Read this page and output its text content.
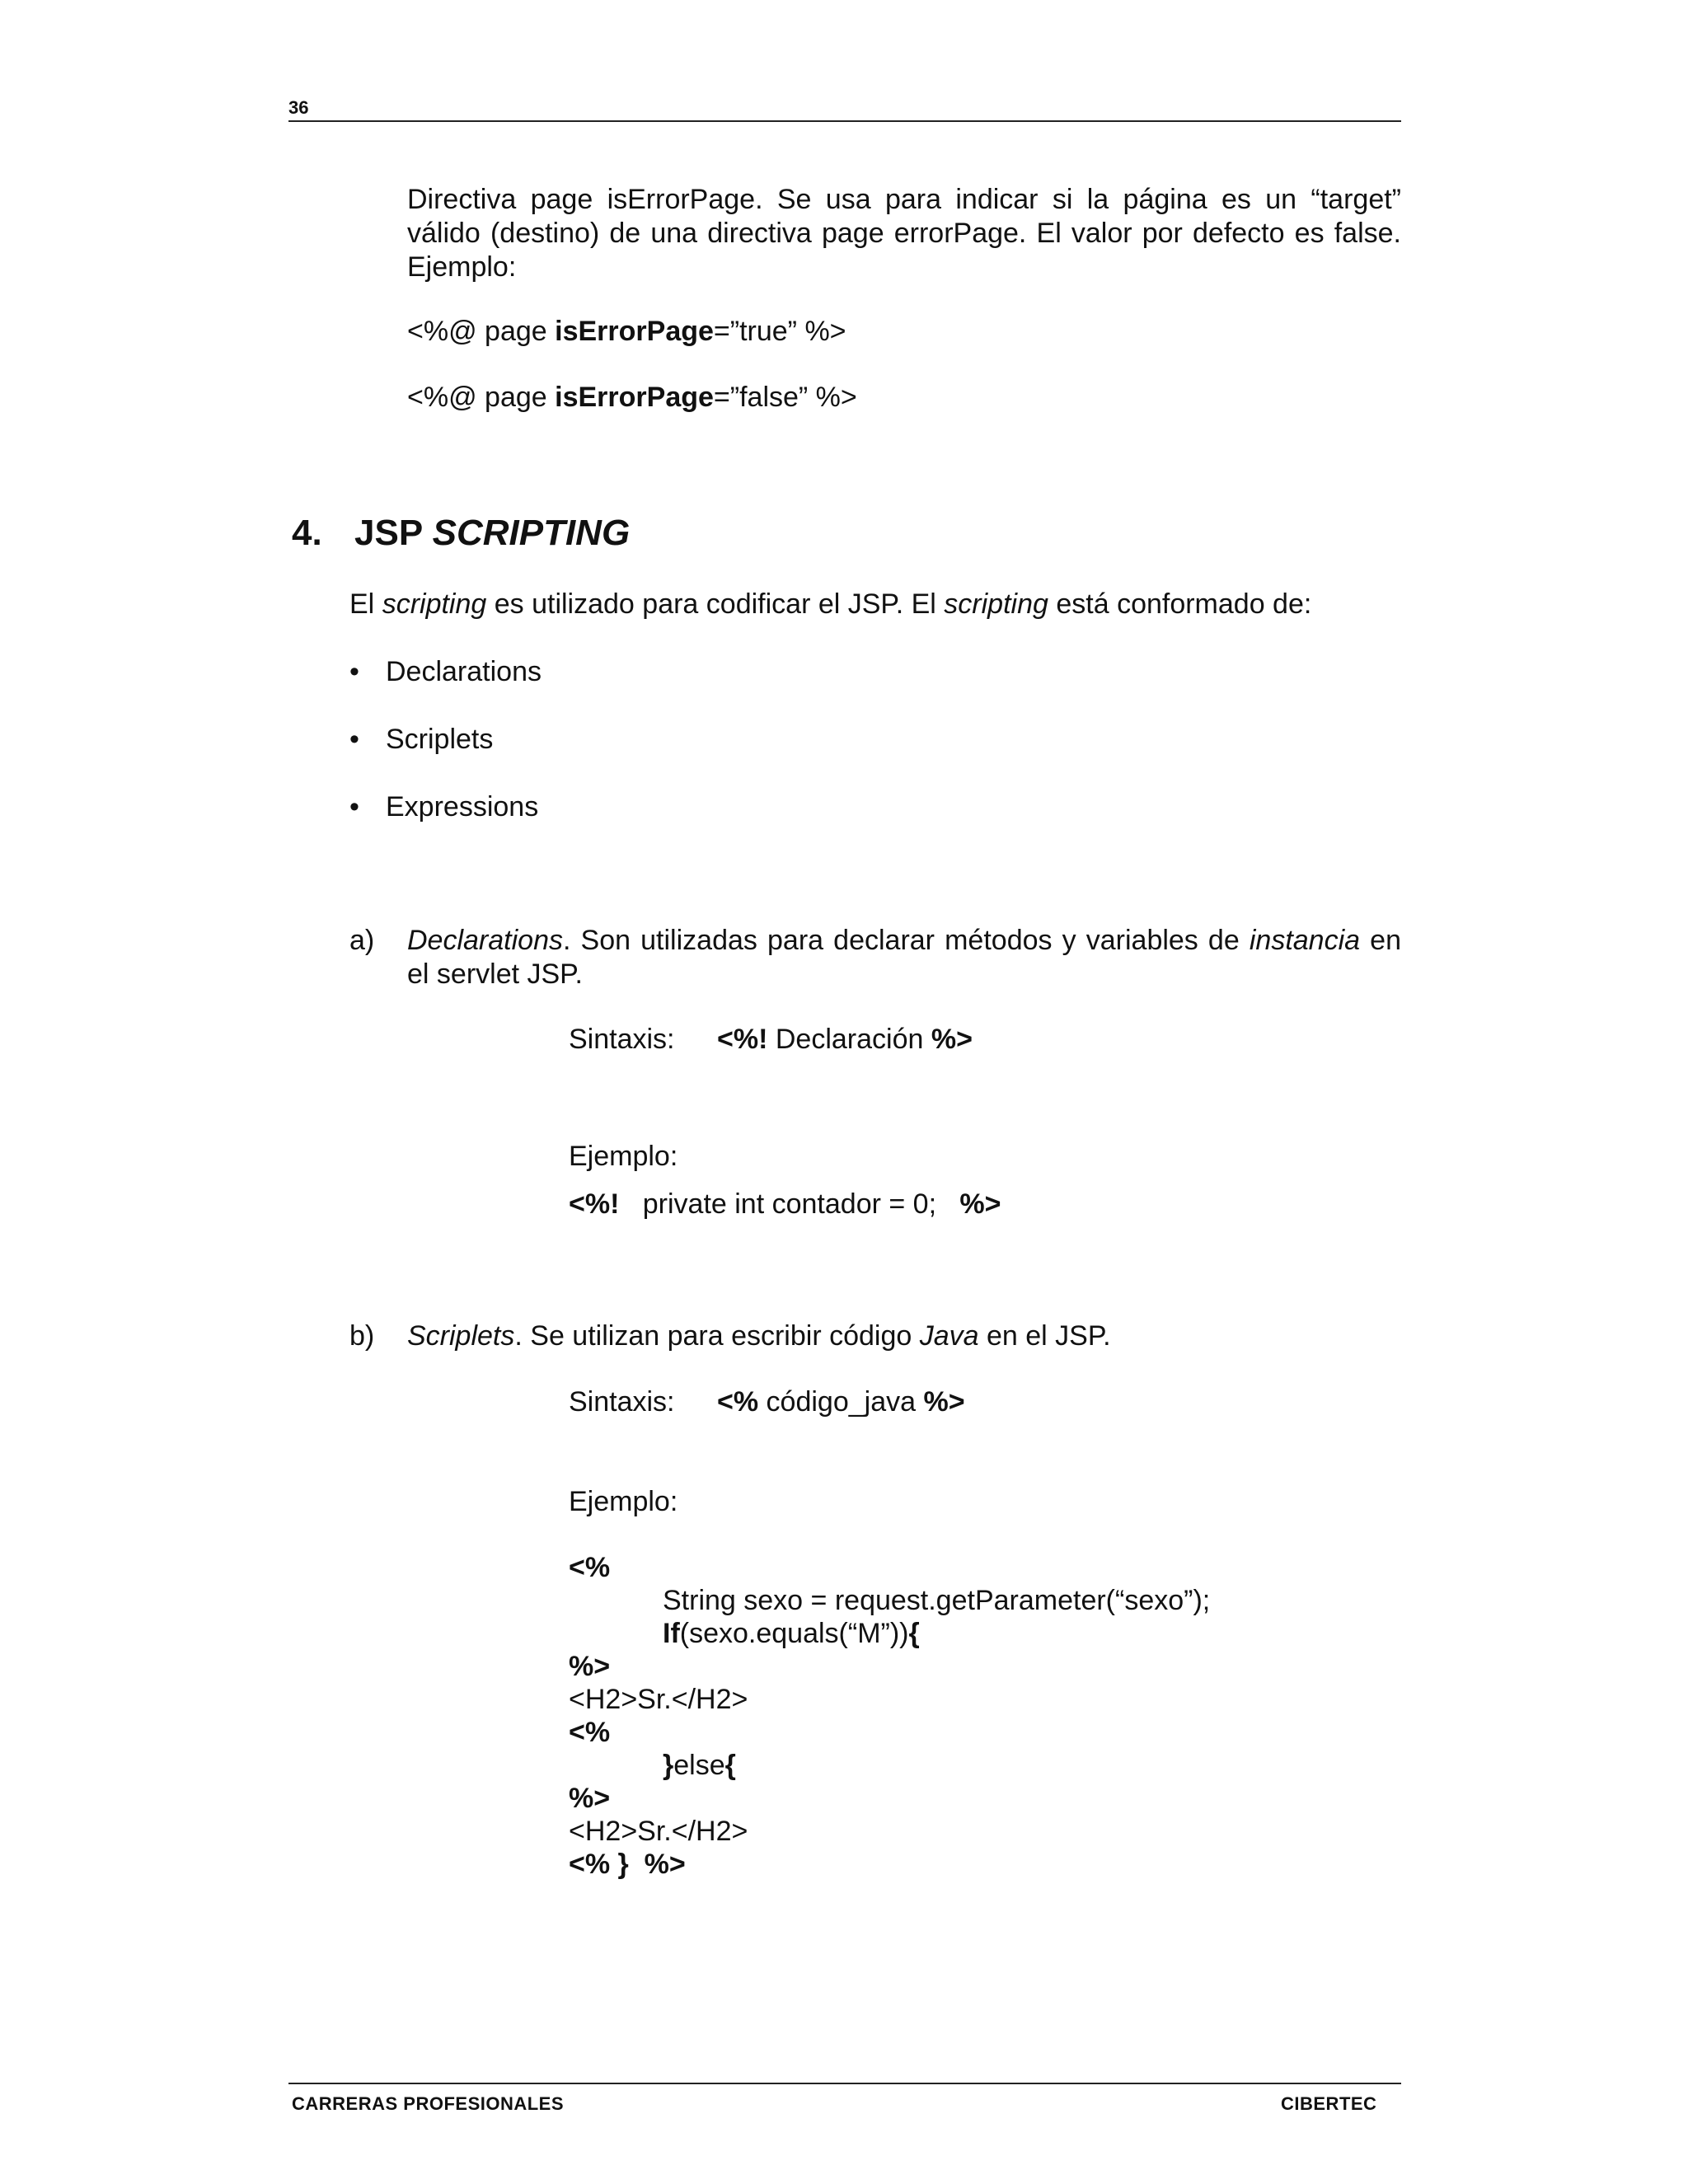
36
Directiva page isErrorPage. Se usa para indicar si la página es un “target” válido (destino) de una directiva page errorPage. El valor por defecto es false. Ejemplo:
<%@ page isErrorPage=”true” %>
<%@ page isErrorPage=”false” %>
4. JSP SCRIPTING
El scripting es utilizado para codificar el JSP. El scripting está conformado de:
• Declarations
• Scriplets
• Expressions
a) Declarations. Son utilizadas para declarar métodos y variables de instancia en el servlet JSP.
Sintaxis: <%! Declaración %>
Ejemplo:
<%!   private int contador = 0;   %>
b) Scriplets. Se utilizan para escribir código Java en el JSP.
Sintaxis: <% código_java %>
Ejemplo:
<%
String sexo = request.getParameter(“sexo”);
If(sexo.equals(“M”)){
%>
<H2>Sr.</H2>
<%
}else{
%>
<H2>Sr.</H2>
<% }  %>
CARRERAS PROFESIONALES	CIBERTEC
